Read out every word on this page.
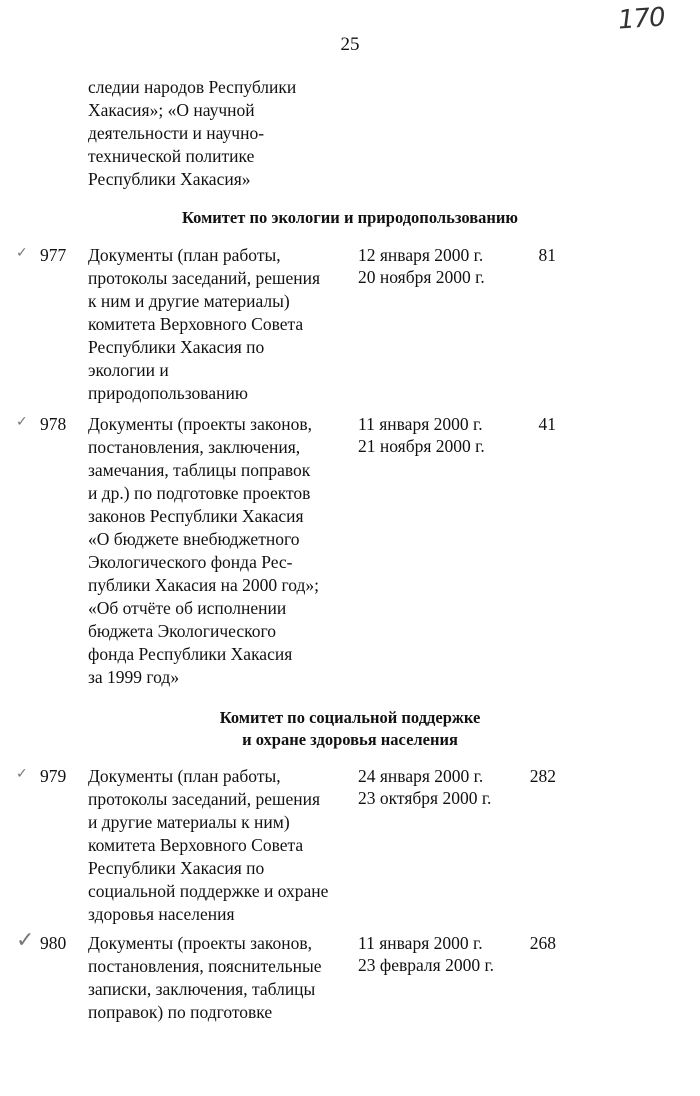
25
170
следии народов Республики
Хакасия»; «О научной
деятельности и научно-
технической политике
Республики Хакасия»
Комитет по экологии и природопользованию
✓ 977 Документы (план работы,
протоколы заседаний, решения
к ним и другие материалы)
комитета Верховного Совета
Республики Хакасия по
экологии и
природопользованию
12 января 2000 г.
20 ноября 2000 г.
81
✓ 978 Документы (проекты законов,
постановления, заключения,
замечания, таблицы поправок
и др.) по подготовке проектов
законов Республики Хакасия
«О бюджете внебюджетного
Экологического фонда Рес-
публики Хакасия на 2000 год»;
«Об отчёте об исполнении
бюджета Экологического
фонда Республики Хакасия
за 1999 год»
11 января 2000 г.
21 ноября 2000 г.
41
Комитет по социальной поддержке
и охране здоровья населения
✓ 979 Документы (план работы,
протоколы заседаний, решения
и другие материалы к ним)
комитета Верховного Совета
Республики Хакасия по
социальной поддержке и охране
здоровья населения
24 января 2000 г.
23 октября 2000 г.
282
✓ 980 Документы (проекты законов,
постановления, пояснительные
записки, заключения, таблицы
поправок) по подготовке
11 января 2000 г.
23 февраля 2000 г.
268
